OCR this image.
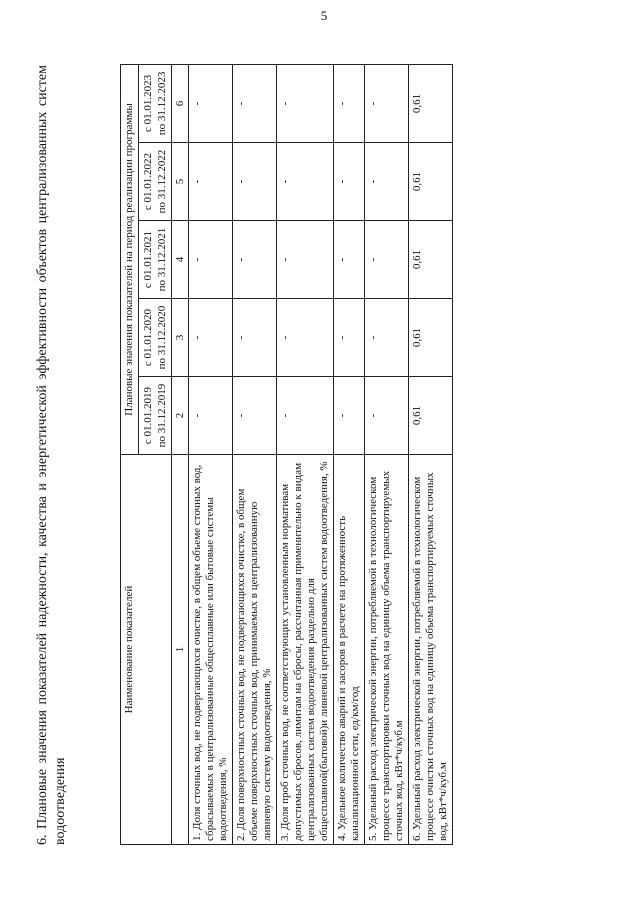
5
6. Плановые значения показателей надежности, качества и энергетической эффективности объектов централизованных систем водоотведения
Наименование показателей	Плановые значения показателей на период реализации программы				
	с 01.01.2019 по 31.12.2019	с 01.01.2020 по 31.12.2020	с 01.01.2021 по 31.12.2021	с 01.01.2022 по 31.12.2022	с 01.01.2023 по 31.12.2023
1	2	3	4	5	6
1. Доля сточных вод, не подвергающихся очистке, в общем объеме сточных вод, сбрасываемых в централизованные общесплавные или бытовые системы водоотведения, %	-	-	-	-	-
2. Доля поверхностных сточных вод, не подвергающихся очистке, в общем объеме поверхностных сточных вод, принимаемых в централизованную ливневую систему водоотведения, %	-	-	-	-	-
3. Доля проб сточных вод, не соответствующих установленным нормативам допустимых сбросов, лимитам на сбросы, рассчитанная применительно к видам централизованных систем водоотведения раздельно для общесплавной(бытовой)и ливневой централизованных систем водоотведения, %	-	-	-	-	-
4. Удельное количество аварий и засоров в расчете на протяженность канализационной сети, ед/км/год	-	-	-	-	-
5. Удельный расход электрической энергии, потребляемой в технологическом процессе транспортировки сточных вод на единицу объема транспортируемых сточных вод, кВт*ч/куб.м	-	-	-	-	-
6. Удельный расход электрической энергии, потребляемой в технологическом процессе очистки сточных вод на единицу объема транспортируемых сточных вод, кВт*ч/куб.м	0,61	0,61	0,61	0,61	0,61
